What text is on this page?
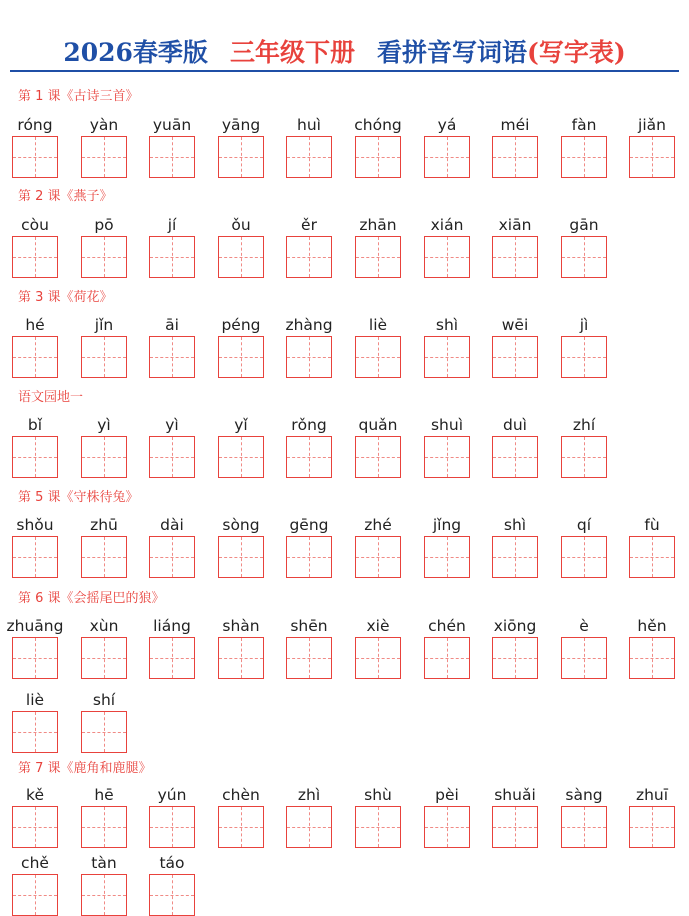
2026春季版 三年级下册 看拼音写词语(写字表)
第 1 课《古诗三首》
róng	yàn	yuān	yāng	huì	chóng	yá	méi	fàn	jiǎn
第 2 课《燕子》
còu	pō	jí	ǒu	ěr	zhān	xián	xiān	gān
第 3 课《荷花》
hé	jǐn	āi	péng	zhàng	liè	shì	wēi	jì
语文园地一
bǐ	yì	yì	yǐ	rǒng	quǎn	shuì	duì	zhí
第 5 课《守株待兔》
shǒu	zhū	dài	sòng	gēng	zhé	jǐng	shì	qí	fù
第 6 课《会摇尾巴的狼》
zhuāng	xùn	liáng	shàn	shēn	xiè	chén	xiōng	è	hěn
liè	shí
第 7 课《鹿角和鹿腿》
kě	hē	yún	chèn	zhì	shù	pèi	shuǎi	sàng	zhuī
chě	tàn	táo
